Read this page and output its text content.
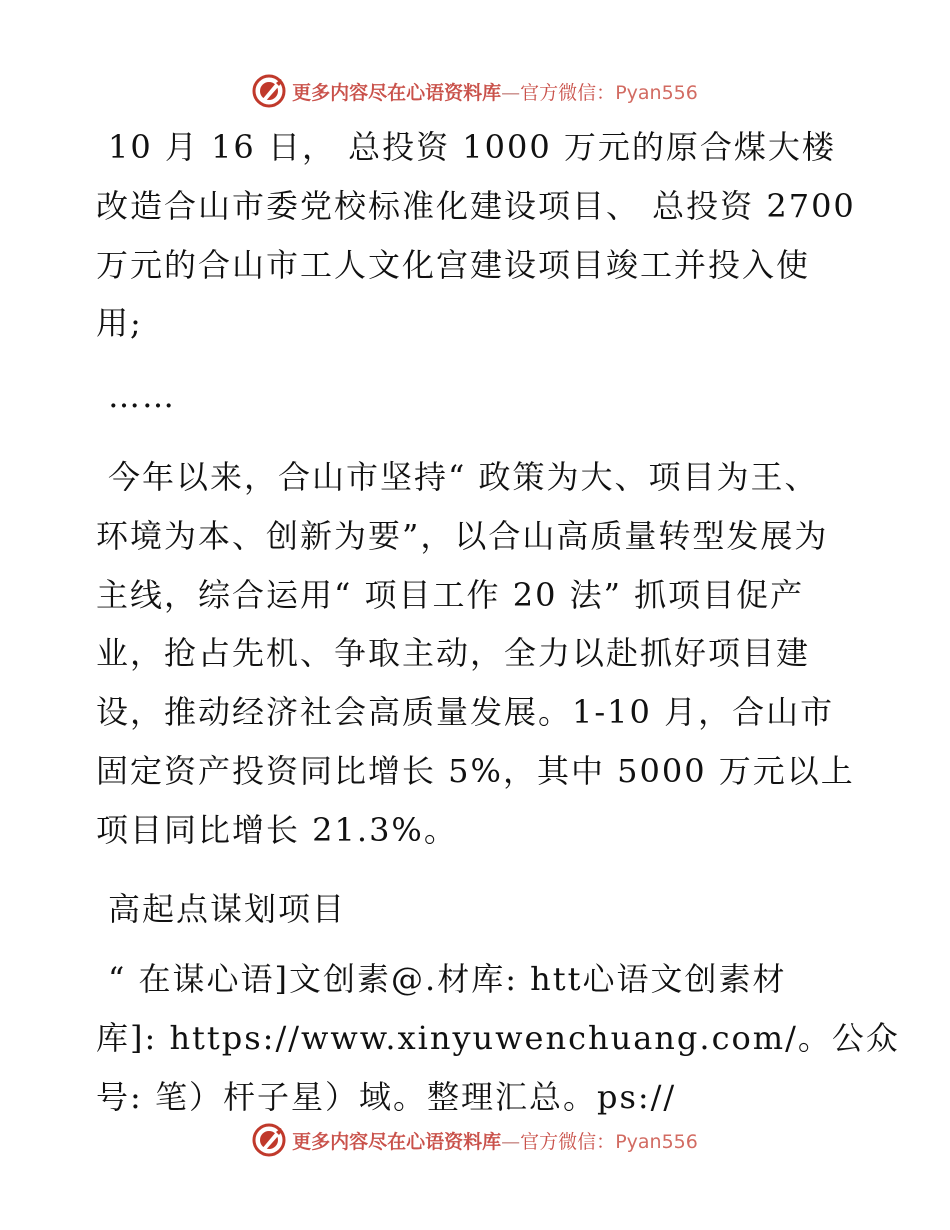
更多内容尽在心语资料库—官方微信：Pyan556

10 月 16 日， 总投资 1000 万元的原合煤大楼
改造合山市委党校标准化建设项目、 总投资 2700
万元的合山市工人文化宫建设项目竣工并投入使
用;

……

今年以来，合山市坚持“ 政策为大、项目为王、
环境为本、创新为要”，以合山高质量转型发展为
主线，综合运用“ 项目工作 20 法” 抓项目促产
业，抢占先机、争取主动，全力以赴抓好项目建
设，推动经济社会高质量发展。1-10 月，合山市
固定资产投资同比增长 5%，其中 5000 万元以上
项目同比增长 21.3%。

高起点谋划项目

“ 在谋心语]文创素@.材库: htt心语文创素材
库]: https://www.xinyuwenchuang.com/。公众
号: 笔）杆子星）域。整理汇总。ps://

更多内容尽在心语资料库—官方微信：Pyan556
